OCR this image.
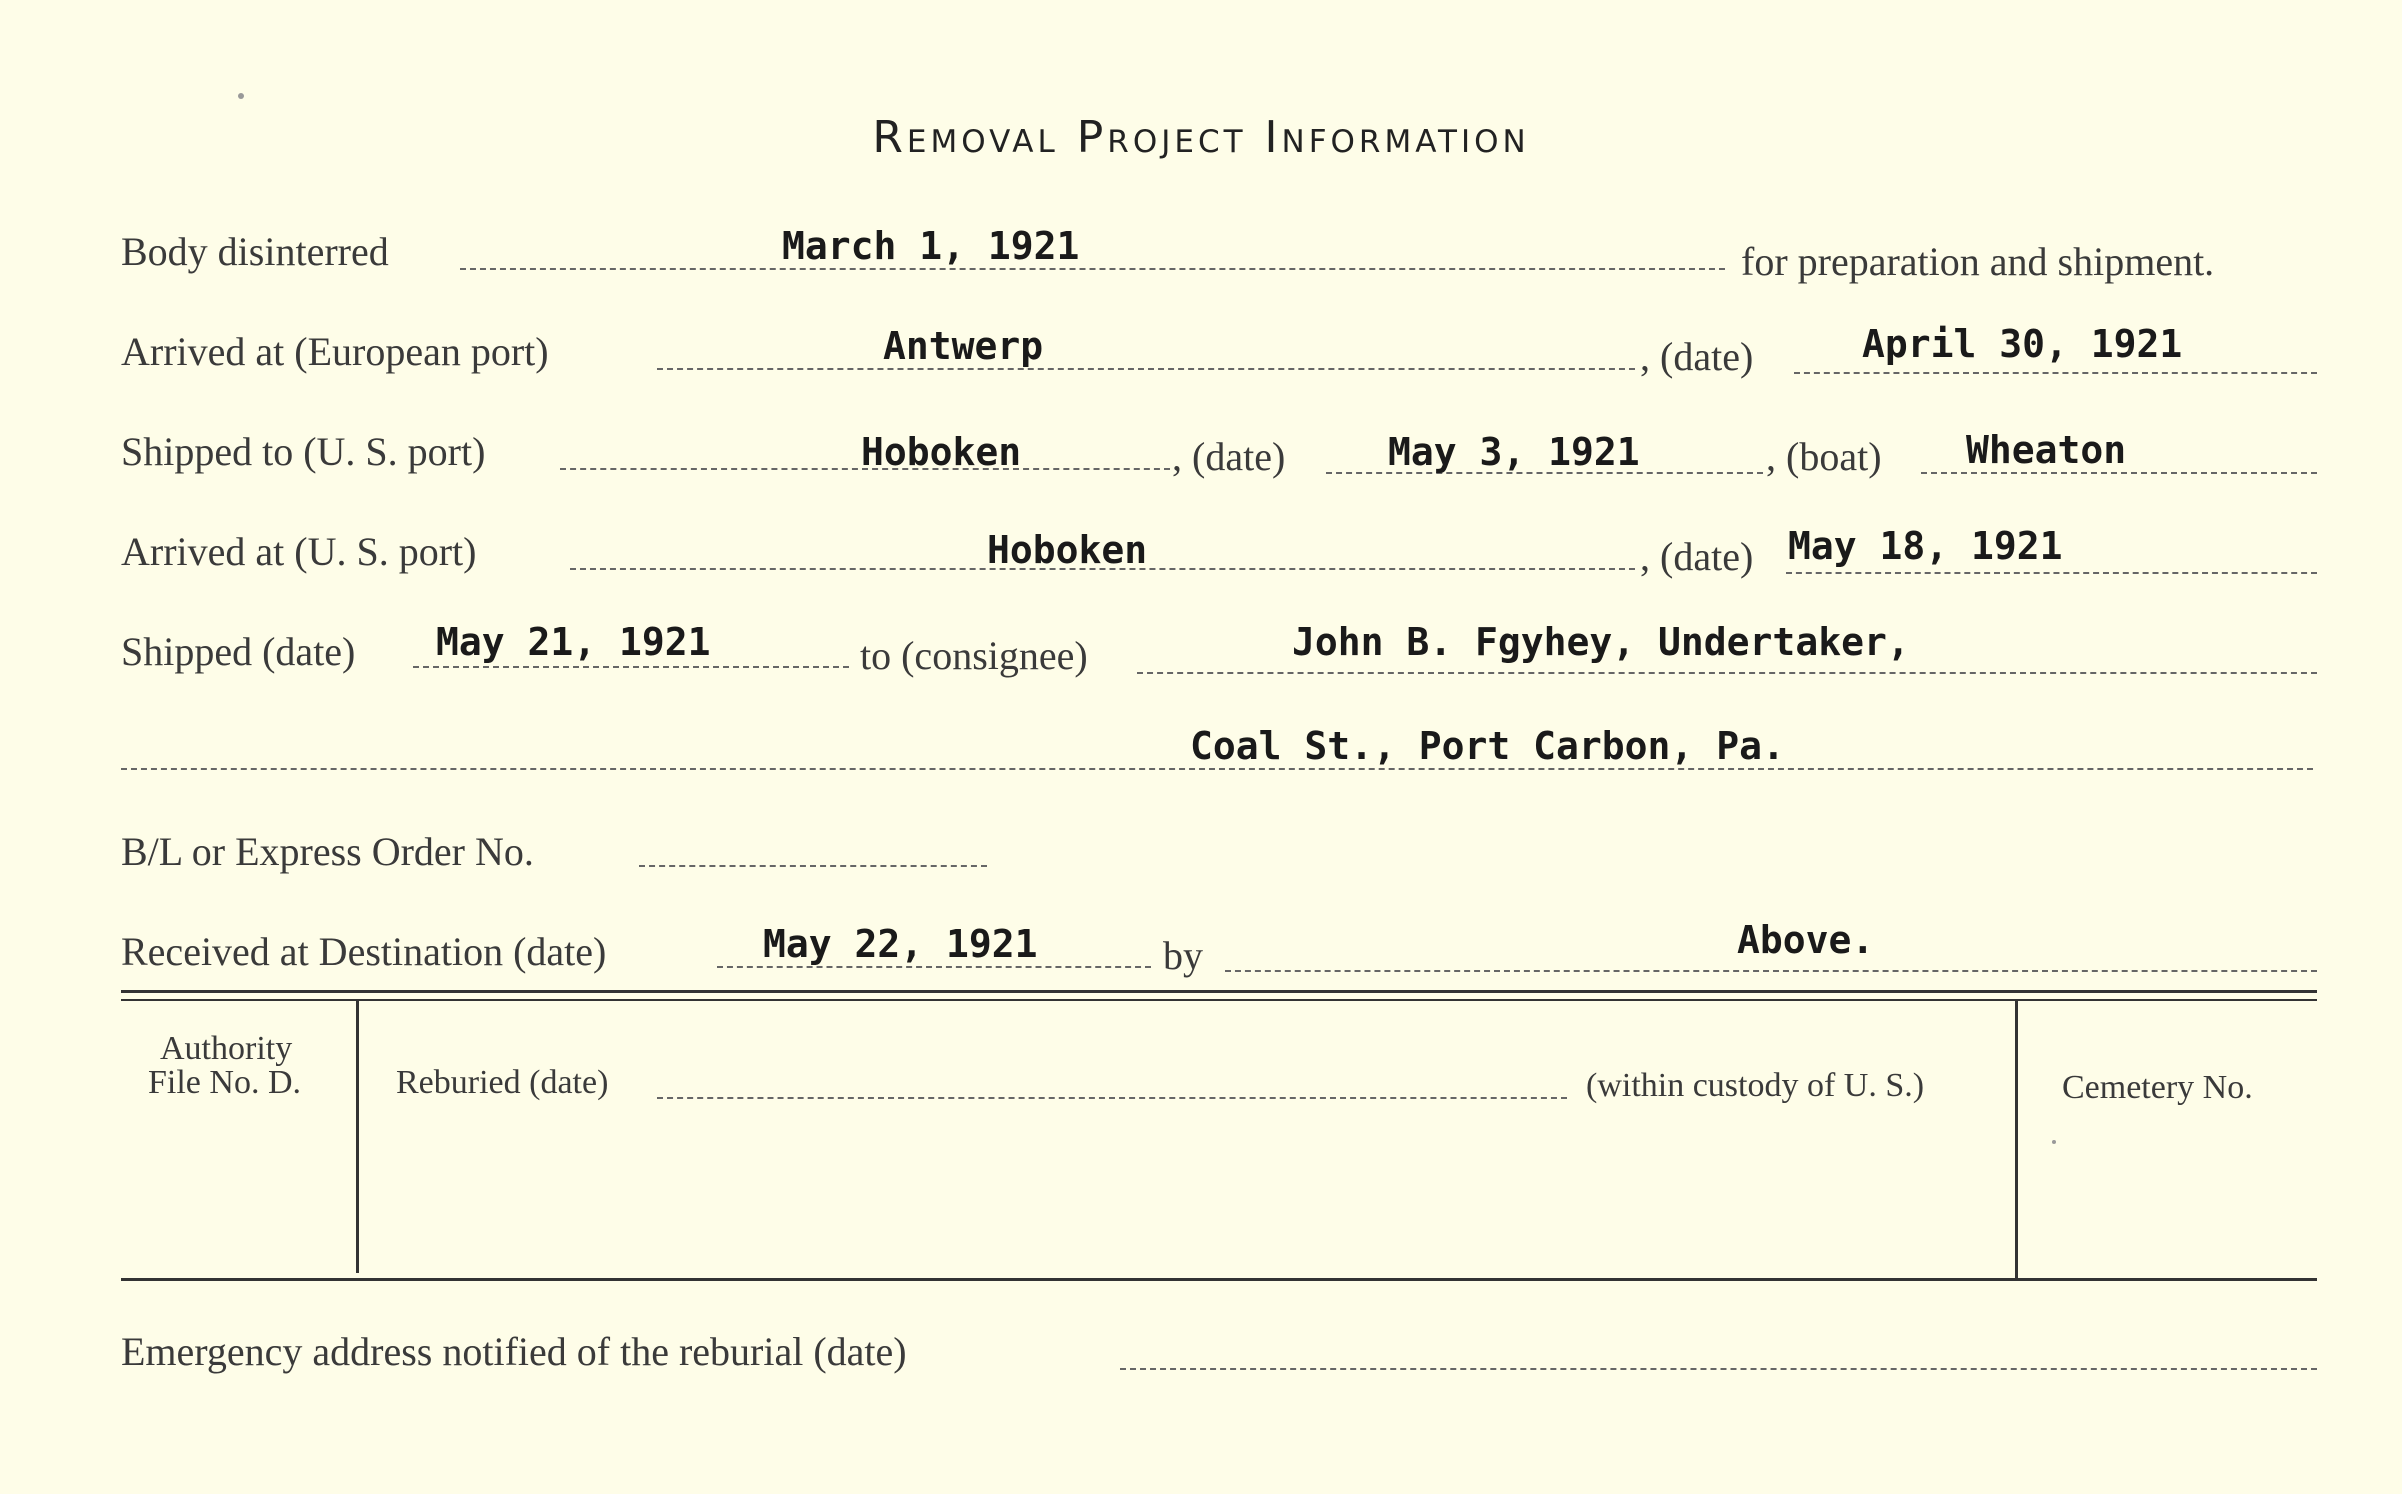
Removal Project Information
Body disinterred	March 1, 1921	for preparation and shipment.
Arrived at (European port)	Antwerp	, (date)	April 30, 1921
Shipped to (U. S. port)	Hoboken	, (date)	May 3, 1921	, (boat) Wheaton
Arrived at (U. S. port)	Hoboken	, (date) May 18, 1921
Shipped (date) May 21, 1921	to (consignee)	John B. Fgyhey, Undertaker,
Coal St., Port Carbon, Pa.
B/L or Express Order No.
Received at Destination (date)	May 22, 1921	by	Above.
Authority
File No. D.	Reburied (date)	(within custody of U. S.)	Cemetery No.
Emergency address notified of the reburial (date)
